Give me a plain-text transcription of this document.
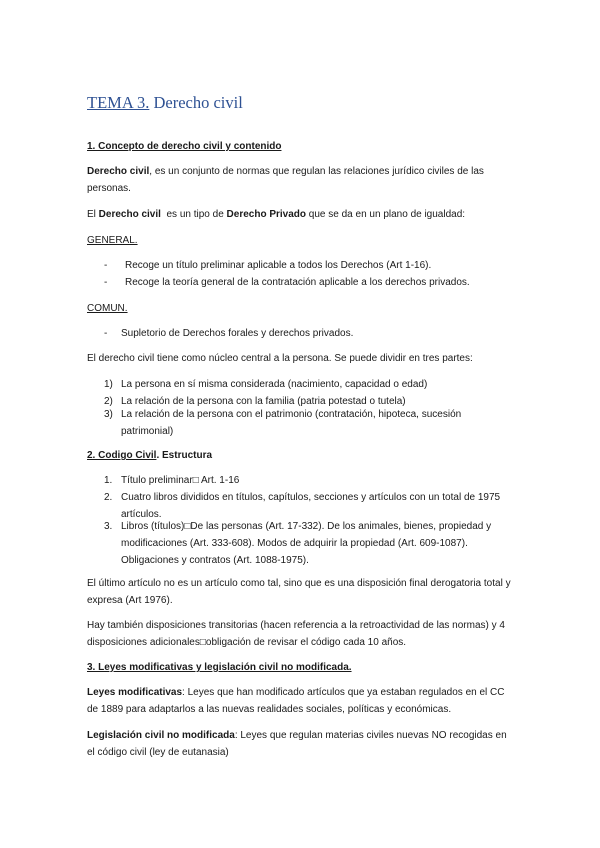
TEMA 3. Derecho civil
1. Concepto de derecho civil y contenido
Derecho civil, es un conjunto de normas que regulan las relaciones jurídico civiles de las personas.
El Derecho civil  es un tipo de Derecho Privado que se da en un plano de igualdad:
GENERAL.
- Recoge un título preliminar aplicable a todos los Derechos (Art 1-16).
- Recoge la teoría general de la contratación aplicable a los derechos privados.
COMUN.
- Supletorio de Derechos forales y derechos privados.
El derecho civil tiene como núcleo central a la persona. Se puede dividir en tres partes:
1) La persona en sí misma considerada (nacimiento, capacidad o edad)
2) La relación de la persona con la familia (patria potestad o tutela)
3) La relación de la persona con el patrimonio (contratación, hipoteca, sucesión patrimonial)
2. Codigo Civil. Estructura
1. Título preliminar□ Art. 1-16
2. Cuatro libros divididos en títulos, capítulos, secciones y artículos con un total de 1975 artículos.
3. Libros (títulos)□De las personas (Art. 17-332). De los animales, bienes, propiedad y modificaciones (Art. 333-608). Modos de adquirir la propiedad (Art. 609-1087). Obligaciones y contratos (Art. 1088-1975).
El último artículo no es un artículo como tal, sino que es una disposición final derogatoria total y expresa (Art 1976).
Hay también disposiciones transitorias (hacen referencia a la retroactividad de las normas) y 4 disposiciones adicionales□obligación de revisar el código cada 10 años.
3. Leyes modificativas y legislación civil no modificada.
Leyes modificativas: Leyes que han modificado artículos que ya estaban regulados en el CC de 1889 para adaptarlos a las nuevas realidades sociales, políticas y económicas.
Legislación civil no modificada: Leyes que regulan materias civiles nuevas NO recogidas en el código civil (ley de eutanasia)
